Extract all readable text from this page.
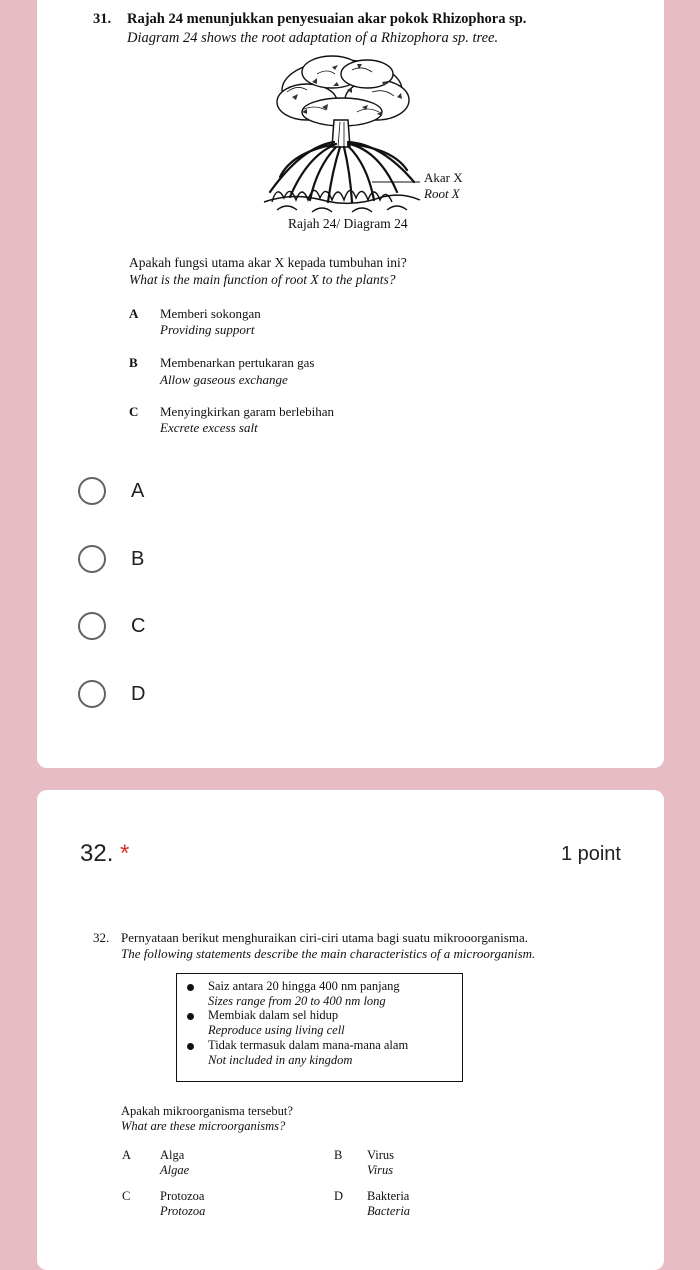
31. Rajah 24 menunjukkan penyesuaian akar pokok Rhizophora sp.
Diagram 24 shows the root adaptation of a Rhizophora sp. tree.
Akar X
Root X
Rajah 24/ Diagram 24
Apakah fungsi utama akar X kepada tumbuhan ini?
What is the main function of root X to the plants?
A Memberi sokongan
Providing support
B Membenarkan pertukaran gas
Allow gaseous exchange
C Menyingkirkan garam berlebihan
Excrete excess salt
A
B
C
D
32. *	1 point
32. Pernyataan berikut menghuraikan ciri-ciri utama bagi suatu mikrooorganisma.
The following statements describe the main characteristics of a microorganism.
Saiz antara 20 hingga 400 nm panjang
Sizes range from 20 to 400 nm long
Membiak dalam sel hidup
Reproduce using living cell
Tidak termasuk dalam mana-mana alam
Not included in any kingdom
Apakah mikroorganisma tersebut?
What are these microorganisms?
A Alga
Algae
B Virus
Virus
C Protozoa
Protozoa
D Bakteria
Bacteria
